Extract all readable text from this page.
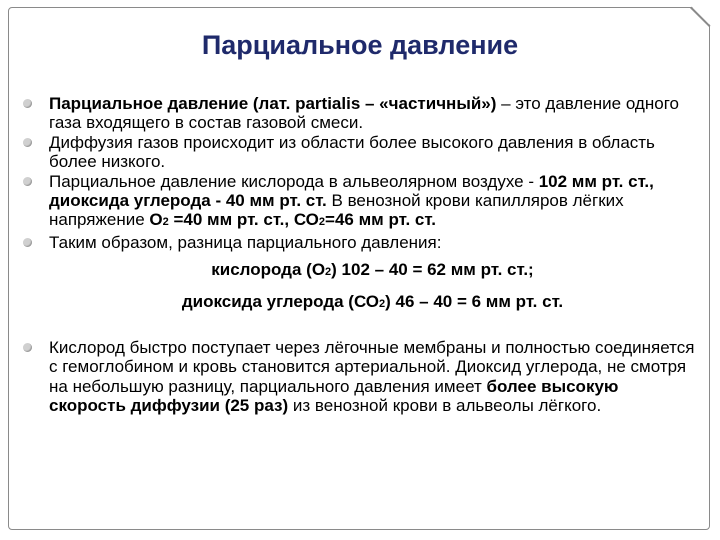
Парциальное давление
Парциальное давление (лат. partialis – «частичный») – это давление одного газа входящего в состав газовой смеси.
Диффузия газов происходит из области более высокого давления в область более низкого.
Парциальное давление кислорода в альвеолярном воздухе - 102 мм рт. ст., диоксида углерода - 40 мм рт. ст. В венозной крови капилляров лёгких напряжение O2 =40 мм рт. ст., СО2=46 мм рт. ст.
Таким образом, разница парциального давления:
кислорода (О2) 102 – 40 = 62 мм рт. ст.;
диоксида углерода (СО2) 46 – 40 = 6 мм рт. ст.
Кислород быстро поступает через лёгочные мембраны и полностью соединяется с гемоглобином и кровь становится артериальной. Диоксид углерода, не смотря на небольшую разницу, парциального давления имеет более высокую скорость диффузии (25 раз) из венозной крови в альвеолы лёгкого.
